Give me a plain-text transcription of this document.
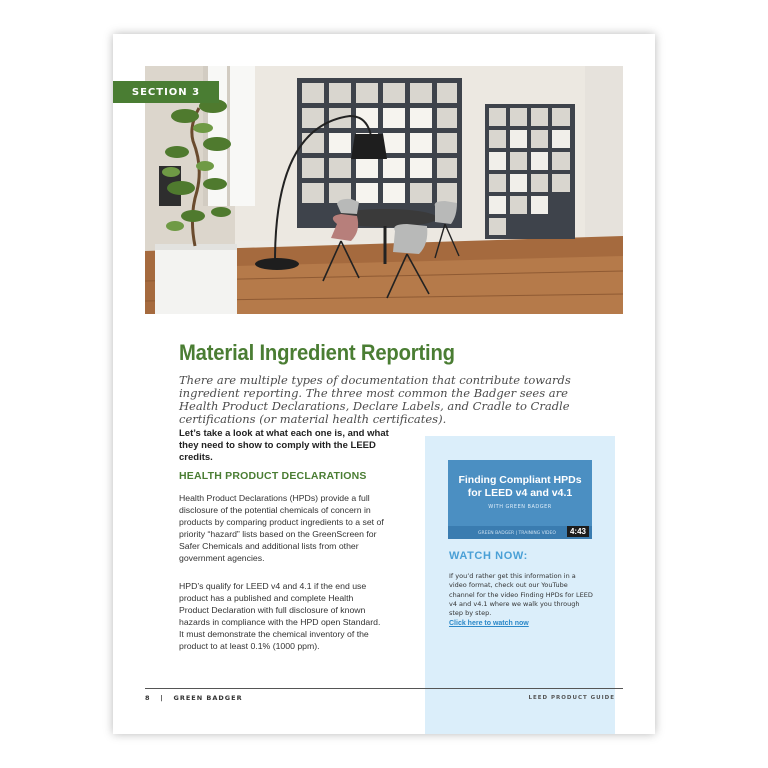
SECTION 3
Material Ingredient Reporting
There are multiple types of documentation that contribute towards ingredient reporting. The three most common the Badger sees are Health Product Declarations, Declare Labels, and Cradle to Cradle certifications (or material health certificates).
Let’s take a look at what each one is, and what they need to show to comply with the LEED credits.
HEALTH PRODUCT DECLARATIONS
Health Product Declarations (HPDs) provide a full disclosure of the potential chemicals of concern in products by comparing product ingredients to a set of priority “hazard” lists based on the GreenScreen for Safer Chemicals and additional lists from other government agencies.
HPD’s qualify for LEED v4 and 4.1 if the end use product has a published and complete Health Product Declaration with full disclosure of known hazards in compliance with the HPD open Standard. It must demonstrate the chemical inventory of the product to at least 0.1% (1000 ppm).
Finding Compliant HPDs for LEED v4 and v4.1
WITH GREEN BADGER
GREEN BADGER | TRAINING VIDEO	4:43
WATCH NOW:
If you’d rather get this information in a video format, check out our YouTube channel for the video Finding HPDs for LEED v4 and v4.1 where we walk you through step by step.
Click here to watch now
8 | GREEN BADGER	LEED PRODUCT GUIDE
